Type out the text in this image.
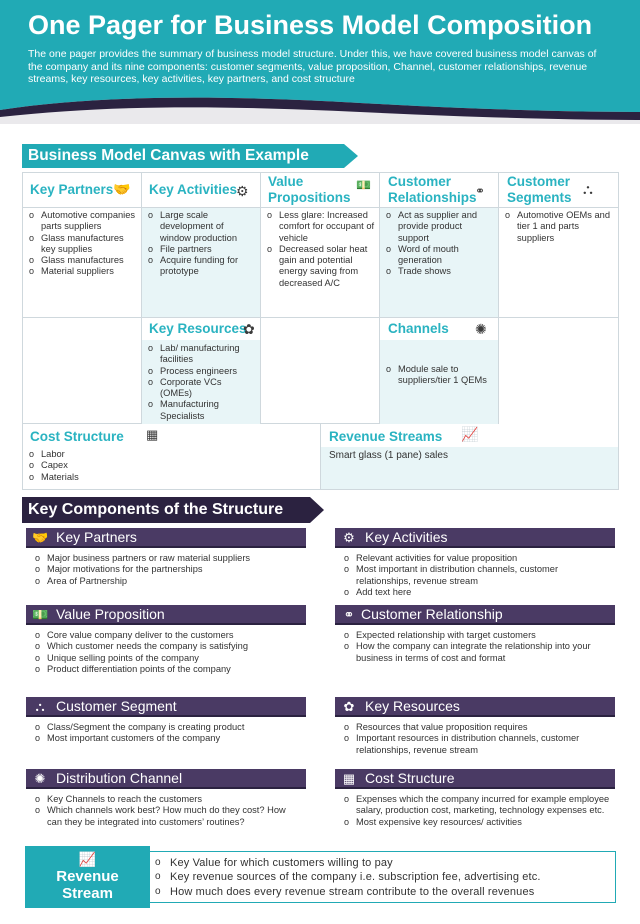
One Pager for Business Model Composition

The one pager provides the summary of business model structure. Under this, we have covered business model canvas of the company and its nine components: customer segments, value proposition, Channel, customer relationships, revenue streams, key resources, key activities, key partners, and cost structure

Business Model Canvas with Example
Key Partners 🤝 Key Activities
⚙
Value Propositions
💵 Customer Relationships
⚭
Customer Segments
⛬
o Automotive companies parts suppliers
o Glass manufactures key supplies
o Glass manufactures
o Material suppliers
o Large scale development of window production
o File partners
o Acquire funding for prototype
o Less glare: Increased comfort for occupant of vehicle
o Decreased solar heat gain and potential energy saving from decreased A/C
o Act as supplier and provide product support
o Word of mouth generation
o Trade shows
o Automotive OEMs and tier 1 and parts suppliers
Key Resources
✿
o Lab/ manufacturing facilities
o Process engineers
o Corporate VCs (OMEs)
o Manufacturing Specialists
Channels ✺
o Module sale to suppliers/tier 1 QEMs
Cost Structure ▦
o Labor
o Capex
o Materials
Revenue Streams 📈
Smart glass (1 pane) sales
Key Components of the Structure
🤝 Key Partners
o Major business partners or raw material suppliers
o Major motivations for the partnerships
o Area of Partnership
⚙ Key Activities
o Relevant activities for value proposition
o Most important in distribution channels, customer relationships, revenue stream
o Add text here
💵 Value Proposition
o Core value company deliver to the customers
o Which customer needs the company is satisfying
o Unique selling points of the company
o Product differentiation points of the company
⚭ Customer Relationship
o Expected relationship with target customers
o How the company can integrate the relationship into your business in terms of cost and format
⛬ Customer Segment
o Class/Segment the company is creating product
o Most important customers of the company
✿ Key Resources
o Resources that value proposition requires
o Important resources in distribution channels, customer relationships, revenue stream
✺ Distribution Channel
o Key Channels to reach the customers
o Which channels work best? How much do they cost? How can they be integrated into customers’ routines?
▦ Cost Structure
o Expenses which the company incurred for example employee salary, production cost, marketing, technology expenses etc.
o Most expensive key resources/ activities
📈
Revenue
Stream
o Key Value for which customers willing to pay
o Key revenue sources of the company i.e. subscription fee, advertising etc.
o How much does every revenue stream contribute to the overall revenues
